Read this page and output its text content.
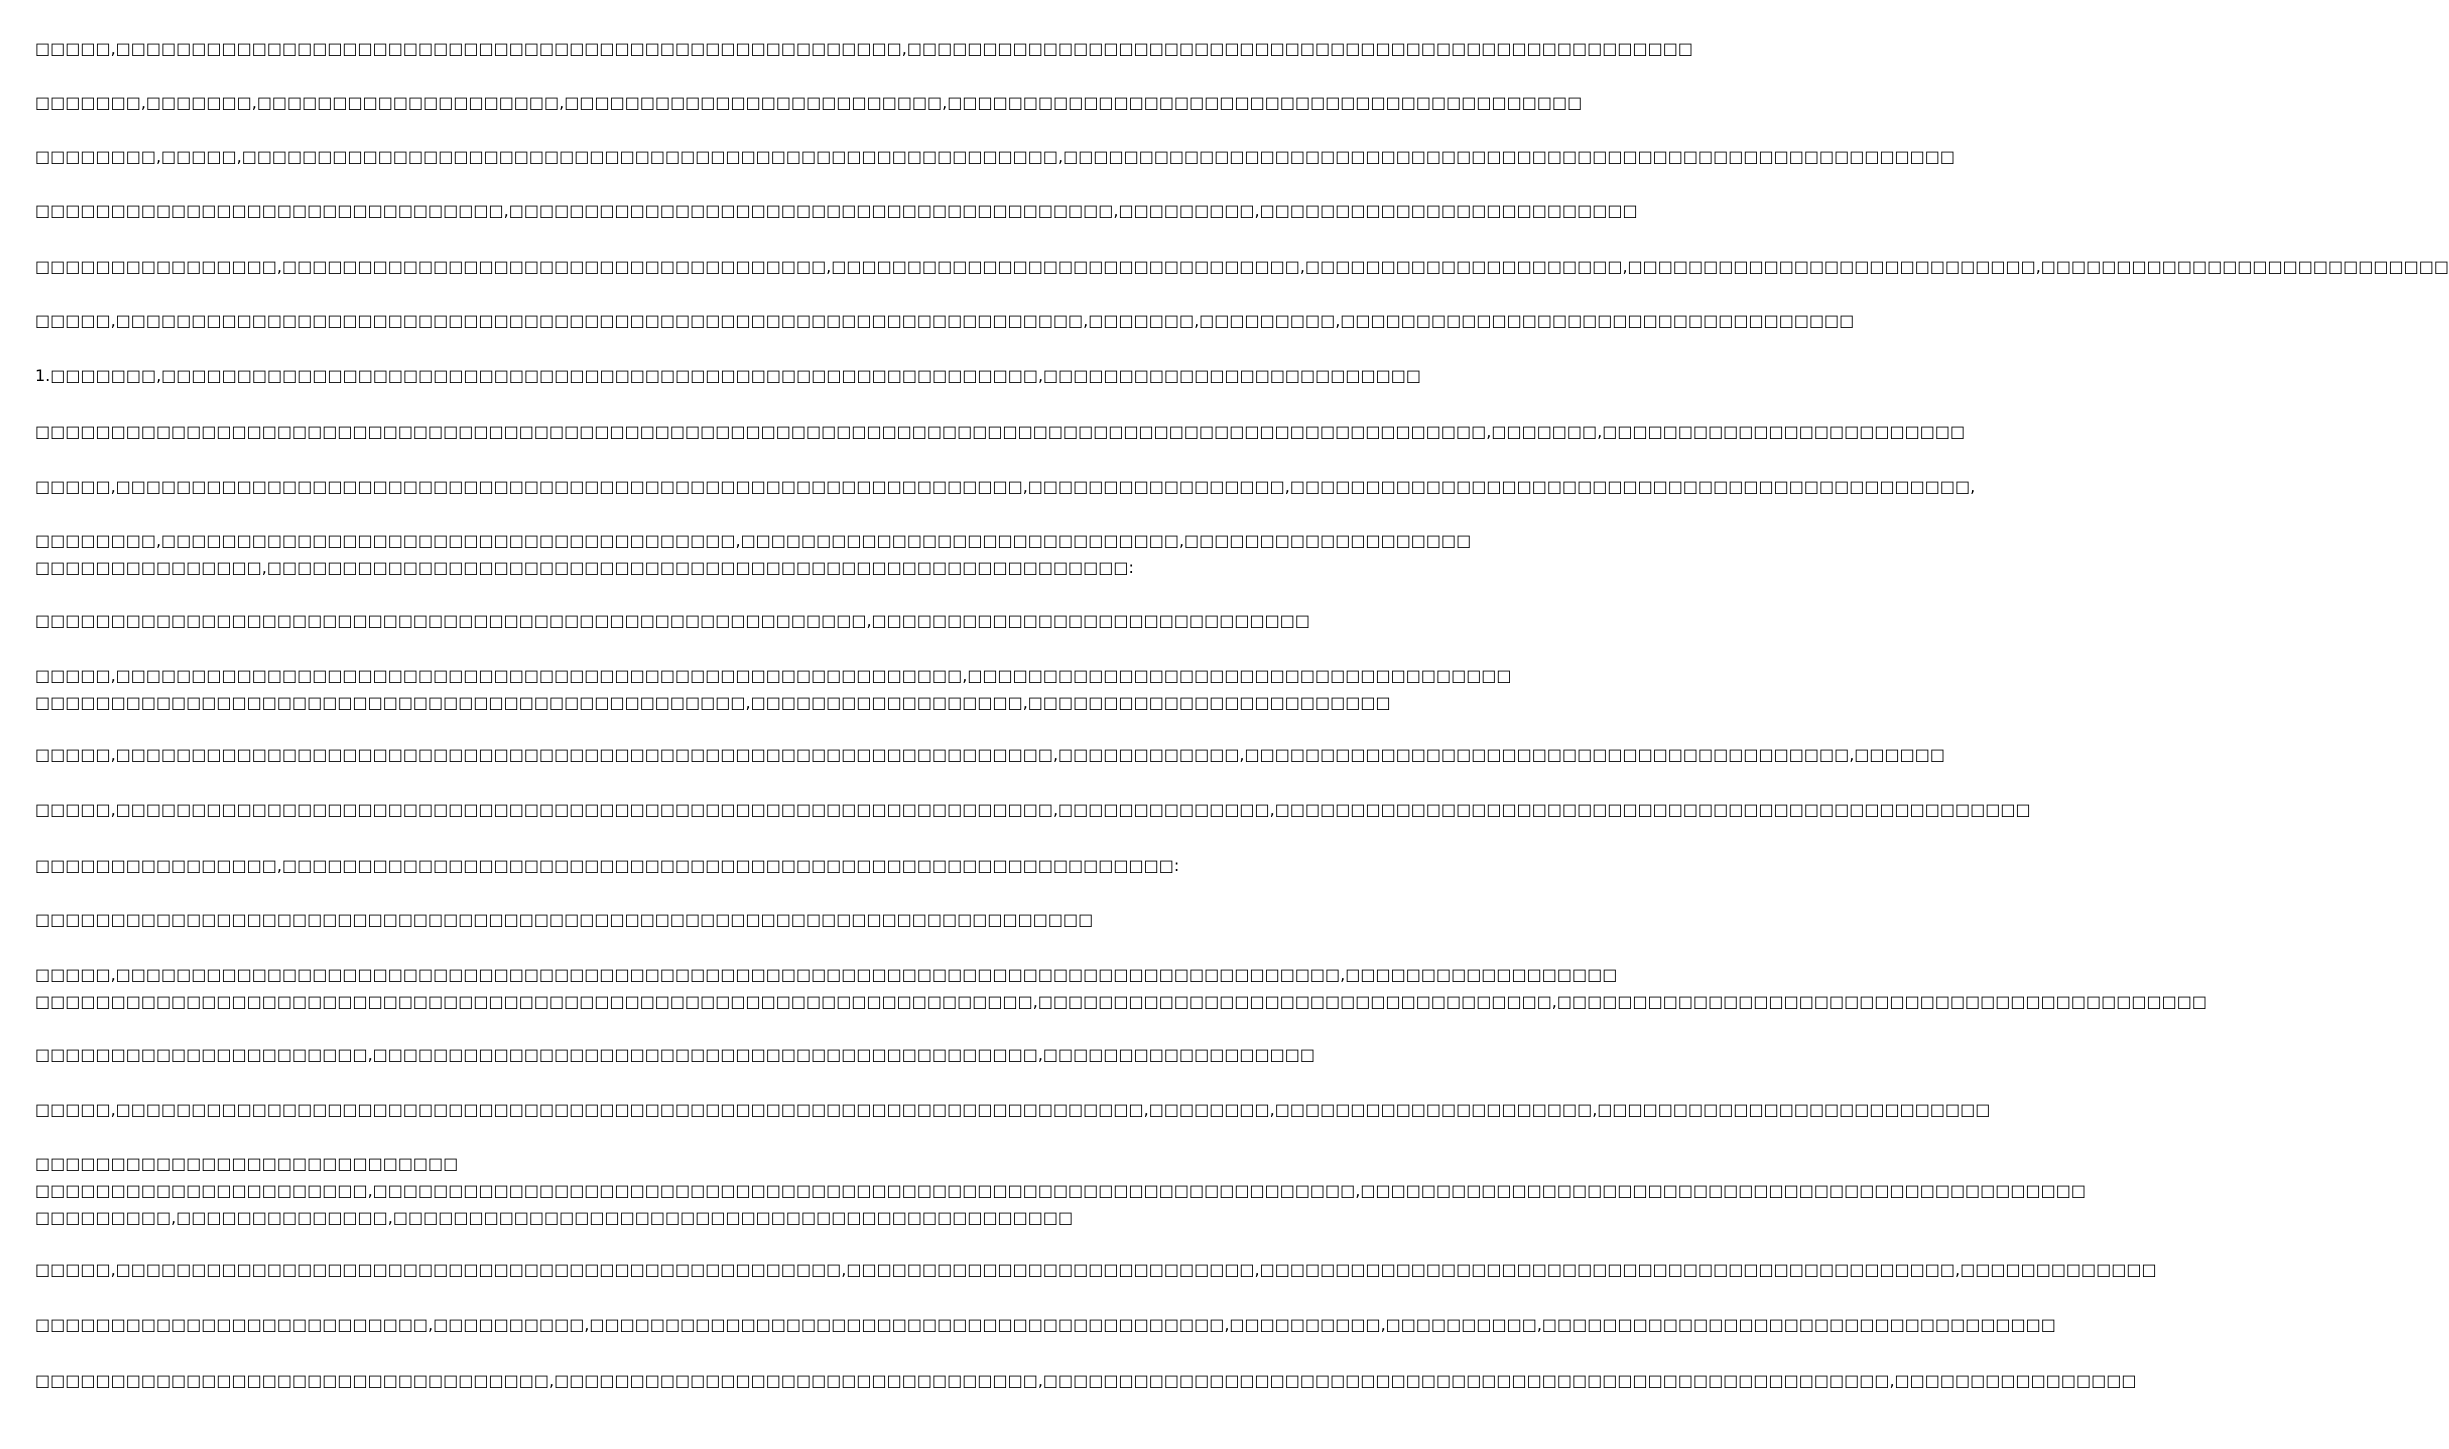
□□□□□,□□□□□□□□□□□□□□□□□□□□□□□□□□□□□□□□□□□□□□□□□□□□□□□□□□□□,□□□□□□□□□□□□□□□□□□□□□□□□□□□□□□□□□□□□□□□□□□□□□□□□□□□□
□□□□□□□,□□□□□□□,□□□□□□□□□□□□□□□□□□□□,□□□□□□□□□□□□□□□□□□□□□□□□□,□□□□□□□□□□□□□□□□□□□□□□□□□□□□□□□□□□□□□□□□□□
□□□□□□□□,□□□□□,□□□□□□□□□□□□□□□□□□□□□□□□□□□□□□□□□□□□□□□□□□□□□□□□□□□□□□,□□□□□□□□□□□□□□□□□□□□□□□□□□□□□□□□□□□□□□□□□□□□□□□□□□□□□□□□□□□
□□□□□□□□□□□□□□□□□□□□□□□□□□□□□□□,□□□□□□□□□□□□□□□□□□□□□□□□□□□□□□□□□□□□□□□□,□□□□□□□□□,□□□□□□□□□□□□□□□□□□□□□□□□□
□□□□□□□□□□□□□□□□,□□□□□□□□□□□□□□□□□□□□□□□□□□□□□□□□□□□□,□□□□□□□□□□□□□□□□□□□□□□□□□□□□□□□,□□□□□□□□□□□□□□□□□□□□□,□□□□□□□□□□□□□□□□□□□□□□□□□□□,□□□□□□□□□□□□□□□□□□□□□□□□□□□
□□□□□,□□□□□□□□□□□□□□□□□□□□□□□□□□□□□□□□□□□□□□□□□□□□□□□□□□□□□□□□□□□□□□□□,□□□□□□□,□□□□□□□□□,□□□□□□□□□□□□□□□□□□□□□□□□□□□□□□□□□□
1.□□□□□□□,□□□□□□□□□□□□□□□□□□□□□□□□□□□□□□□□□□□□□□□□□□□□□□□□□□□□□□□□□□,□□□□□□□□□□□□□□□□□□□□□□□□□
□□□□□□□□□□□□□□□□□□□□□□□□□□□□□□□□□□□□□□□□□□□□□□□□□□□□□□□□□□□□□□□□□□□□□□□□□□□□□□□□□□□□□□□□□□□□□□□□,□□□□□□□,□□□□□□□□□□□□□□□□□□□□□□□□
□□□□□,□□□□□□□□□□□□□□□□□□□□□□□□□□□□□□□□□□□□□□□□□□□□□□□□□□□□□□□□□□□□,□□□□□□□□□□□□□□□□□,□□□□□□□□□□□□□□□□□□□□□□□□□□□□□□□□□□□□□□□□□□□□□,
□□□□□□□□,□□□□□□□□□□□□□□□□□□□□□□□□□□□□□□□□□□□□□□,□□□□□□□□□□□□□□□□□□□□□□□□□□□□□,□□□□□□□□□□□□□□□□□□□
□□□□□□□□□□□□□□□,□□□□□□□□□□□□□□□□□□□□□□□□□□□□□□□□□□□□□□□□□□□□□□□□□□□□□□□□□:
□□□□□□□□□□□□□□□□□□□□□□□□□□□□□□□□□□□□□□□□□□□□□□□□□□□□□□□,□□□□□□□□□□□□□□□□□□□□□□□□□□□□□
□□□□□,□□□□□□□□□□□□□□□□□□□□□□□□□□□□□□□□□□□□□□□□□□□□□□□□□□□□□□□□,□□□□□□□□□□□□□□□□□□□□□□□□□□□□□□□□□□□□
□□□□□□□□□□□□□□□□□□□□□□□□□□□□□□□□□□□□□□□□□□□□□□□,□□□□□□□□□□□□□□□□□□,□□□□□□□□□□□□□□□□□□□□□□□□
□□□□□,□□□□□□□□□□□□□□□□□□□□□□□□□□□□□□□□□□□□□□□□□□□□□□□□□□□□□□□□□□□□□□,□□□□□□□□□□□□,□□□□□□□□□□□□□□□□□□□□□□□□□□□□□□□□□□□□□□□□,□□□□□□
□□□□□,□□□□□□□□□□□□□□□□□□□□□□□□□□□□□□□□□□□□□□□□□□□□□□□□□□□□□□□□□□□□□□,□□□□□□□□□□□□□□,□□□□□□□□□□□□□□□□□□□□□□□□□□□□□□□□□□□□□□□□□□□□□□□□□□
□□□□□□□□□□□□□□□□,□□□□□□□□□□□□□□□□□□□□□□□□□□□□□□□□□□□□□□□□□□□□□□□□□□□□□□□□□□□:
□□□□□□□□□□□□□□□□□□□□□□□□□□□□□□□□□□□□□□□□□□□□□□□□□□□□□□□□□□□□□□□□□□□□□□
□□□□□,□□□□□□□□□□□□□□□□□□□□□□□□□□□□□□□□□□□□□□□□□□□□□□□□□□□□□□□□□□□□□□□□□□□□□□□□□□□□□□□□□,□□□□□□□□□□□□□□□□□□
□□□□□□□□□□□□□□□□□□□□□□□□□□□□□□□□□□□□□□□□□□□□□□□□□□□□□□□□□□□□□□□□□□,□□□□□□□□□□□□□□□□□□□□□□□□□□□□□□□□□□,□□□□□□□□□□□□□□□□□□□□□□□□□□□□□□□□□□□□□□□□□□□
□□□□□□□□□□□□□□□□□□□□□□,□□□□□□□□□□□□□□□□□□□□□□□□□□□□□□□□□□□□□□□□□□□□,□□□□□□□□□□□□□□□□□□
□□□□□,□□□□□□□□□□□□□□□□□□□□□□□□□□□□□□□□□□□□□□□□□□□□□□□□□□□□□□□□□□□□□□□□□□□□,□□□□□□□□,□□□□□□□□□□□□□□□□□□□□□,□□□□□□□□□□□□□□□□□□□□□□□□□□
□□□□□□□□□□□□□□□□□□□□□□□□□□□□
□□□□□□□□□□□□□□□□□□□□□□,□□□□□□□□□□□□□□□□□□□□□□□□□□□□□□□□□□□□□□□□□□□□□□□□□□□□□□□□□□□□□□□□□,□□□□□□□□□□□□□□□□□□□□□□□□□□□□□□□□□□□□□□□□□□□□□□□□
□□□□□□□□□,□□□□□□□□□□□□□□,□□□□□□□□□□□□□□□□□□□□□□□□□□□□□□□□□□□□□□□□□□□□□
□□□□□,□□□□□□□□□□□□□□□□□□□□□□□□□□□□□□□□□□□□□□□□□□□□□□□□,□□□□□□□□□□□□□□□□□□□□□□□□□□□,□□□□□□□□□□□□□□□□□□□□□□□□□□□□□□□□□□□□□□□□□□□□□□,□□□□□□□□□□□□□
□□□□□□□□□□□□□□□□□□□□□□□□□□,□□□□□□□□□□,□□□□□□□□□□□□□□□□□□□□□□□□□□□□□□□□□□□□□□□□□□,□□□□□□□□□□,□□□□□□□□□□,□□□□□□□□□□□□□□□□□□□□□□□□□□□□□□□□□□
□□□□□□□□□□□□□□□□□□□□□□□□□□□□□□□□□□,□□□□□□□□□□□□□□□□□□□□□□□□□□□□□□□□,□□□□□□□□□□□□□□□□□□□□□□□□□□□□□□□□□□□□□□□□□□□□□□□□□□□□□□□□,□□□□□□□□□□□□□□□□
